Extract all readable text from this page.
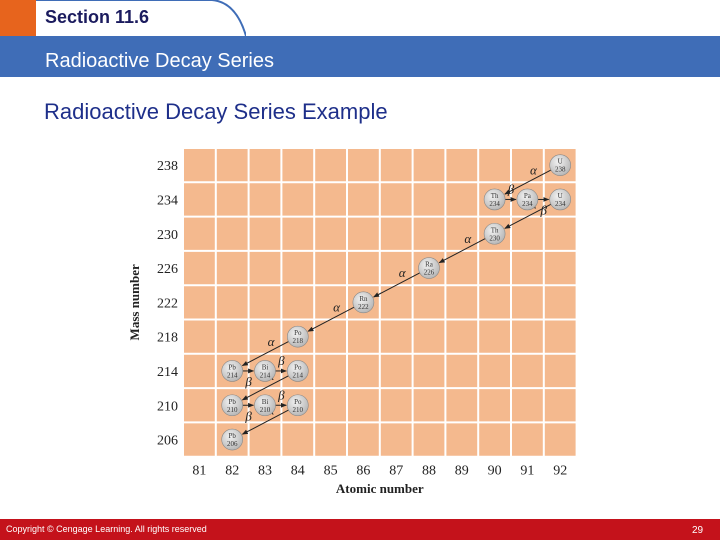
Section 11.6
Radioactive Decay Series
Radioactive Decay Series Example
α
β
β
α
α
α
α
β
β
β
β
U
238
Th
234
Pa
234
U
234
Th
230
Ra
226
Rn
222
Po
218
Pb
214
Bi
214
Po
214
Pb
210
Bi
210
Po
210
Pb
206
81 82 83 84 85 86 87 88 89 90 91 92
238
234
230
226
222
218
214
210
206
Atomic number
Mass number
Copyright © Cengage Learning. All rights reserved	29
